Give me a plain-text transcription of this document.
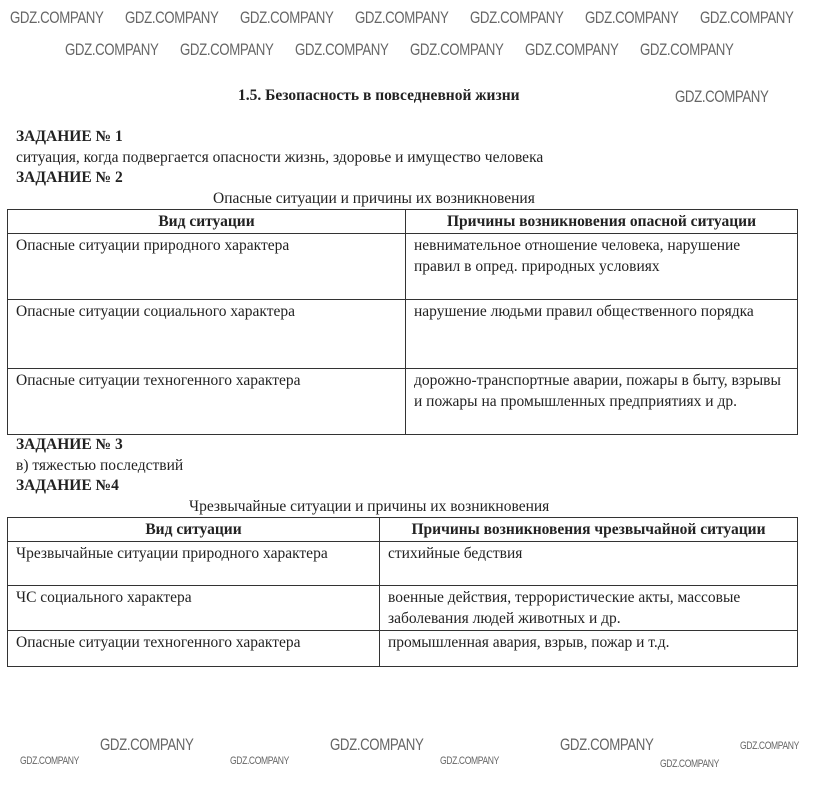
1.5. Безопасность в повседневной жизни
ЗАДАНИЕ № 1
ситуация, когда подвергается опасности жизнь, здоровье и имущество человека
ЗАДАНИЕ № 2
Опасные ситуации и причины их возникновения
Вид ситуации	Причины возникновения опасной ситуации
Опасные ситуации природного характера	невнимательное отношение человека, нарушение правил в опред. природных условиях
Опасные ситуации социального характера	нарушение людьми правил общественного порядка
Опасные ситуации техногенного характера	дорожно-транспортные аварии, пожары в быту, взрывы и пожары на промышленных предприятиях и др.
ЗАДАНИЕ № 3
в) тяжестью последствий
ЗАДАНИЕ №4
Чрезвычайные ситуации и причины их возникновения
Вид ситуации	Причины возникновения чрезвычайной ситуации
Чрезвычайные ситуации природного характера	стихийные бедствия
ЧС социального характера	военные действия, террористические акты, массовые заболевания людей животных и др.
Опасные ситуации техногенного характера	промышленная авария, взрыв, пожар и т.д.
GDZ.COMPANY
GDZ.COMPANY GDZ.COMPANY GDZ.COMPANY GDZ.COMPANY GDZ.COMPANY GDZ.COMPANY GDZ.COMPANY
GDZ.COMPANY GDZ.COMPANY GDZ.COMPANY GDZ.COMPANY GDZ.COMPANY GDZ.COMPANY
GDZ.COMPANY
GDZ.COMPANY	GDZ.COMPANY
GDZ.COMPANY
GDZ.COMPANY
GDZ.COMPANY
GDZ.COMPANY
GDZ.COMPANY
